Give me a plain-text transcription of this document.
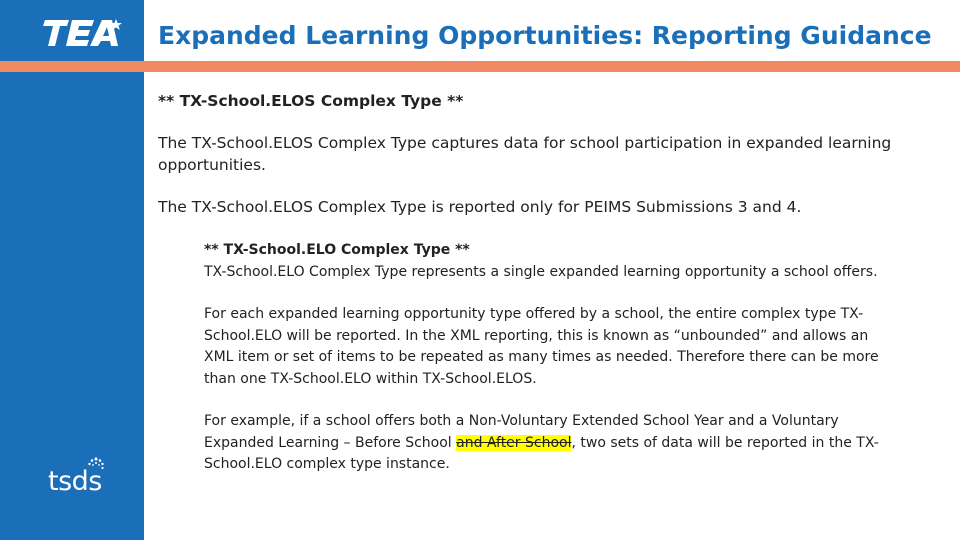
tsds
Expanded Learning Opportunities: Reporting Guidance

** TX-School.ELOS Complex Type **

The TX-School.ELOS Complex Type captures data for school participation in expanded learning opportunities.

The TX-School.ELOS Complex Type is reported only for PEIMS Submissions 3 and 4.

** TX-School.ELO Complex Type **

TX-School.ELO Complex Type represents a single expanded learning opportunity a school offers.

For each expanded learning opportunity type offered by a school, the entire complex type TX-School.ELO will be reported. In the XML reporting, this is known as “unbounded” and allows an XML item or set of items to be repeated as many times as needed. Therefore there can be more than one TX-School.ELO within TX-School.ELOS.

For example, if a school offers both a Non-Voluntary Extended School Year and a Voluntary Expanded Learning – Before School and After School, two sets of data will be reported in the TX-School.ELO complex type instance.
